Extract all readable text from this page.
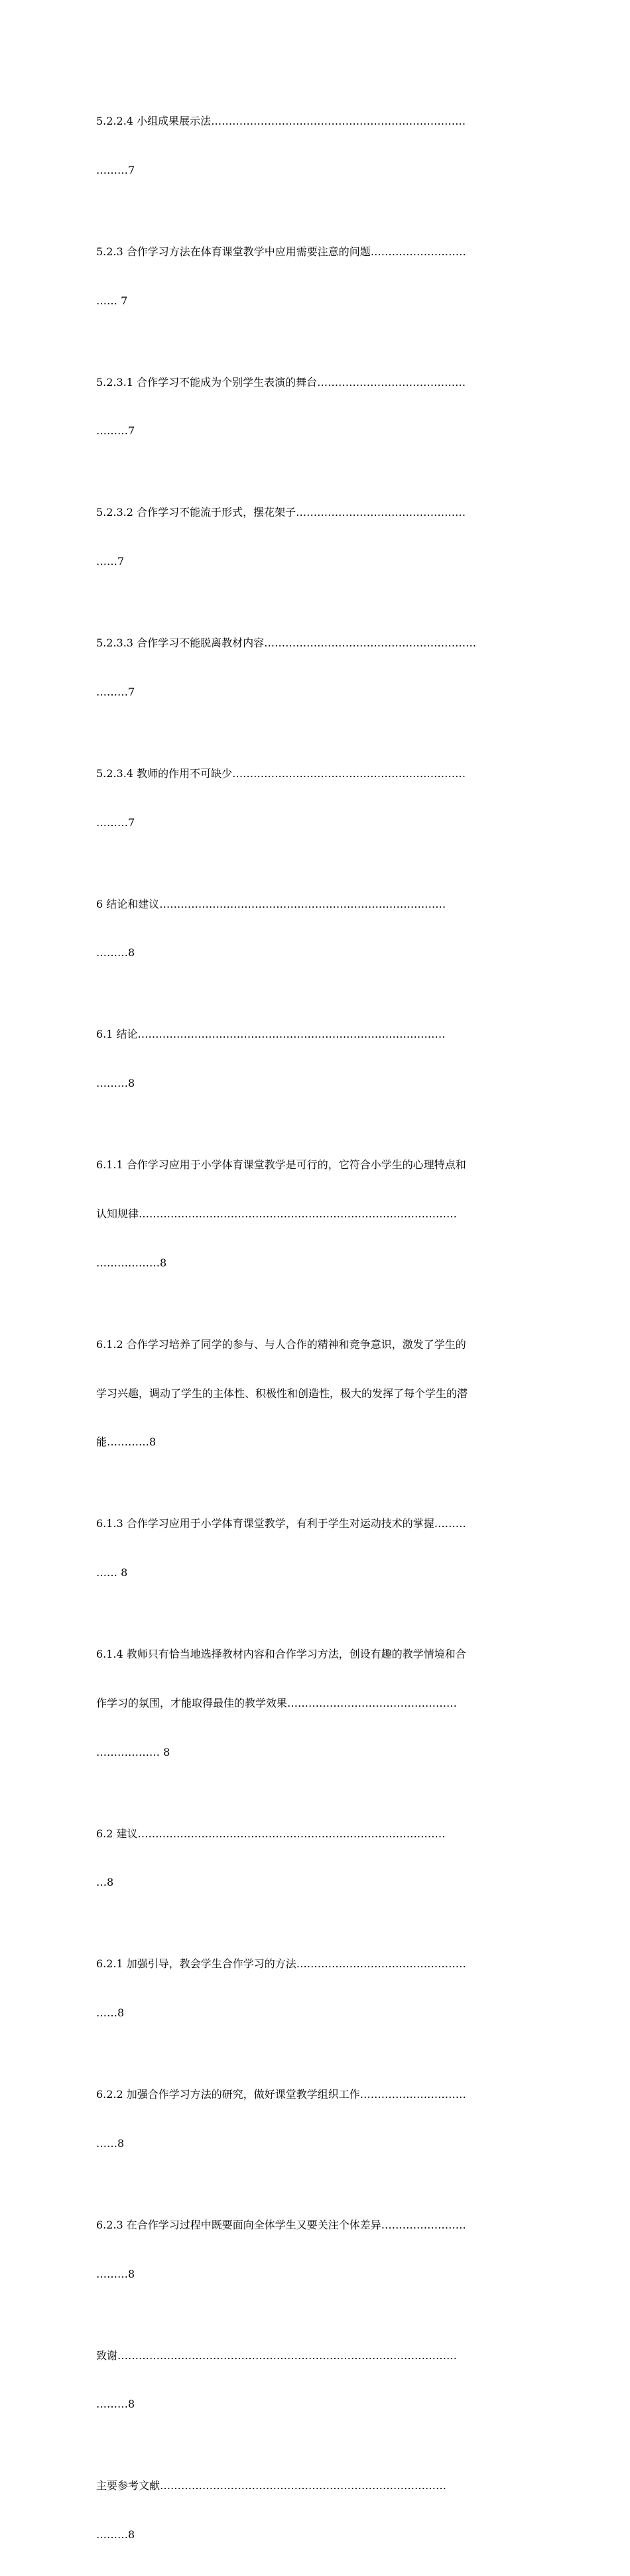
5.2.2.4 小组成果展示法………………………………………………………………

………7

5.2.3 合作学习方法在体育课堂教学中应用需要注意的问题………………………

…… 7

5.2.3.1 合作学习不能成为个别学生表演的舞台……………………………………

………7

5.2.3.2 合作学习不能流于形式，摆花架子…………………………………………

……7

5.2.3.3 合作学习不能脱离教材内容……………………………………………………

………7

5.2.3.4 教师的作用不可缺少…………………………………………………………

………7

6 结论和建议………………………………………………………………………

………8

6.1 结论……………………………………………………………………………

………8

6.1.1 合作学习应用于小学体育课堂教学是可行的，它符合小学生的心理特点和

认知规律………………………………………………………………………………

………………8

6.1.2 合作学习培养了同学的参与、与人合作的精神和竞争意识，激发了学生的

学习兴趣，调动了学生的主体性、积极性和创造性，极大的发挥了每个学生的潜

能…………8

6.1.3 合作学习应用于小学体育课堂教学，有利于学生对运动技术的掌握………

…… 8

6.1.4 教师只有恰当地选择教材内容和合作学习方法，创设有趣的教学情境和合

作学习的氛围，才能取得最佳的教学效果…………………………………………

……………… 8

6.2 建议……………………………………………………………………………

…8

6.2.1 加强引导，教会学生合作学习的方法…………………………………………

……8

6.2.2 加强合作学习方法的研究，做好课堂教学组织工作…………………………

……8

6.2.3 在合作学习过程中既要面向全体学生又要关注个体差异……………………

………8

致谢……………………………………………………………………………………

………8

主要参考文献………………………………………………………………………

………8
